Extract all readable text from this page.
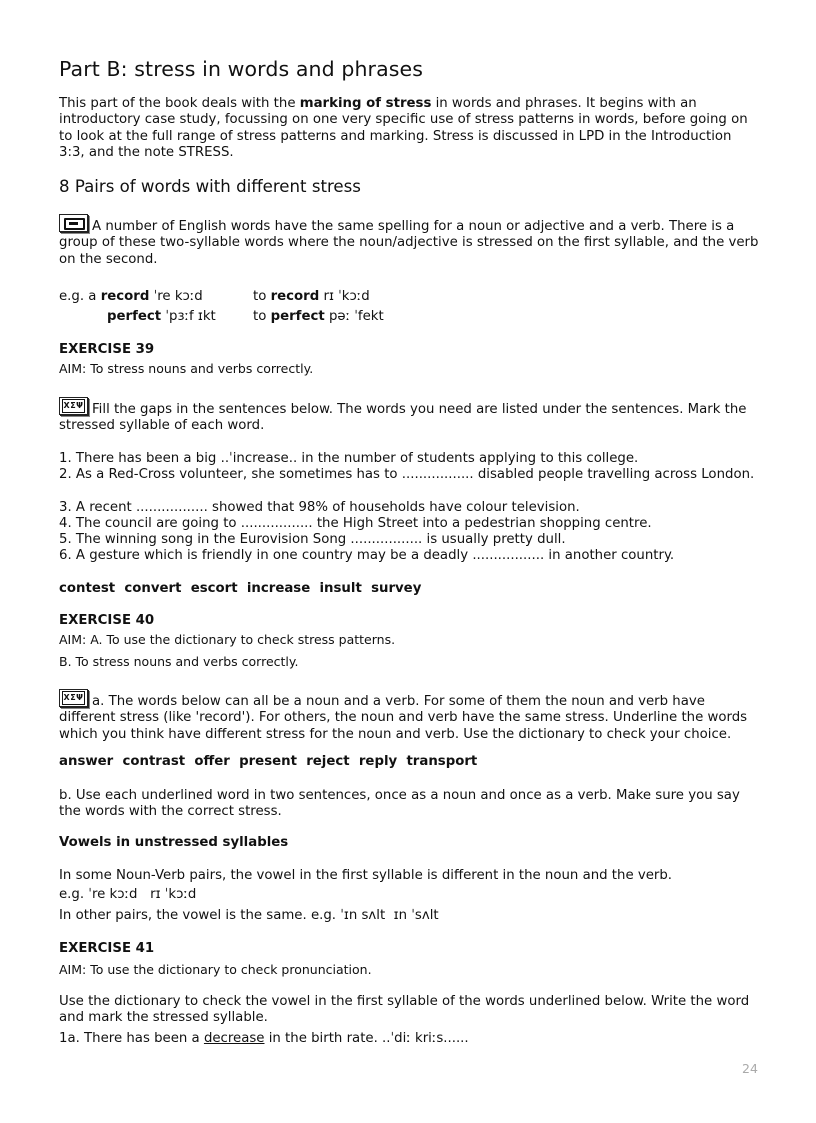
Part B: stress in words and phrases

This part of the book deals with the marking of stress in words and phrases. It begins with an introductory case study, focussing on one very specific use of stress patterns in words, before going on to look at the full range of stress patterns and marking. Stress is discussed in LPD in the Introduction 3:3, and the note STRESS.

8 Pairs of words with different stress

A number of English words have the same spelling for a noun or adjective and a verb. There is a group of these two-syllable words where the noun/adjective is stressed on the first syllable, and the verb on the second.

e.g. a record ˈre kɔːd	to record rɪ ˈkɔːd
perfect ˈpɜːf ɪkt	to perfect pəː ˈfekt
EXERCISE 39
AIM: To stress nouns and verbs correctly.

ХΣΨ Fill the gaps in the sentences below. The words you need are listed under the sentences. Mark the stressed syllable of each word.

1. There has been a big ..ˈincrease.. in the number of students applying to this college.

2. As a Red-Cross volunteer, she sometimes has to ................. disabled people travelling across London.

3. A recent ................. showed that 98% of households have colour television.

4. The council are going to ................. the High Street into a pedestrian shopping centre.

5. The winning song in the Eurovision Song ................. is usually pretty dull.

6. A gesture which is friendly in one country may be a deadly ................. in another country.

contest  convert  escort  increase  insult  survey

EXERCISE 40
AIM: A. To use the dictionary to check stress patterns.
B. To stress nouns and verbs correctly.

ХΣΨ a. The words below can all be a noun and a verb. For some of them the noun and verb have different stress (like 'record'). For others, the noun and verb have the same stress. Underline the words which you think have different stress for the noun and verb. Use the dictionary to check your choice.

answer  contrast  offer  present  reject  reply  transport

b. Use each underlined word in two sentences, once as a noun and once as a verb. Make sure you say the words with the correct stress.

Vowels in unstressed syllables

In some Noun-Verb pairs, the vowel in the first syllable is different in the noun and the verb.

e.g. ˈre kɔːd   rɪ ˈkɔːd

In other pairs, the vowel is the same. e.g. ˈɪn sʌlt  ɪn ˈsʌlt

EXERCISE 41
AIM: To use the dictionary to check pronunciation.

Use the dictionary to check the vowel in the first syllable of the words underlined below. Write the word and mark the stressed syllable.

1a. There has been a decrease in the birth rate. ..ˈdiː kriːs......

24
